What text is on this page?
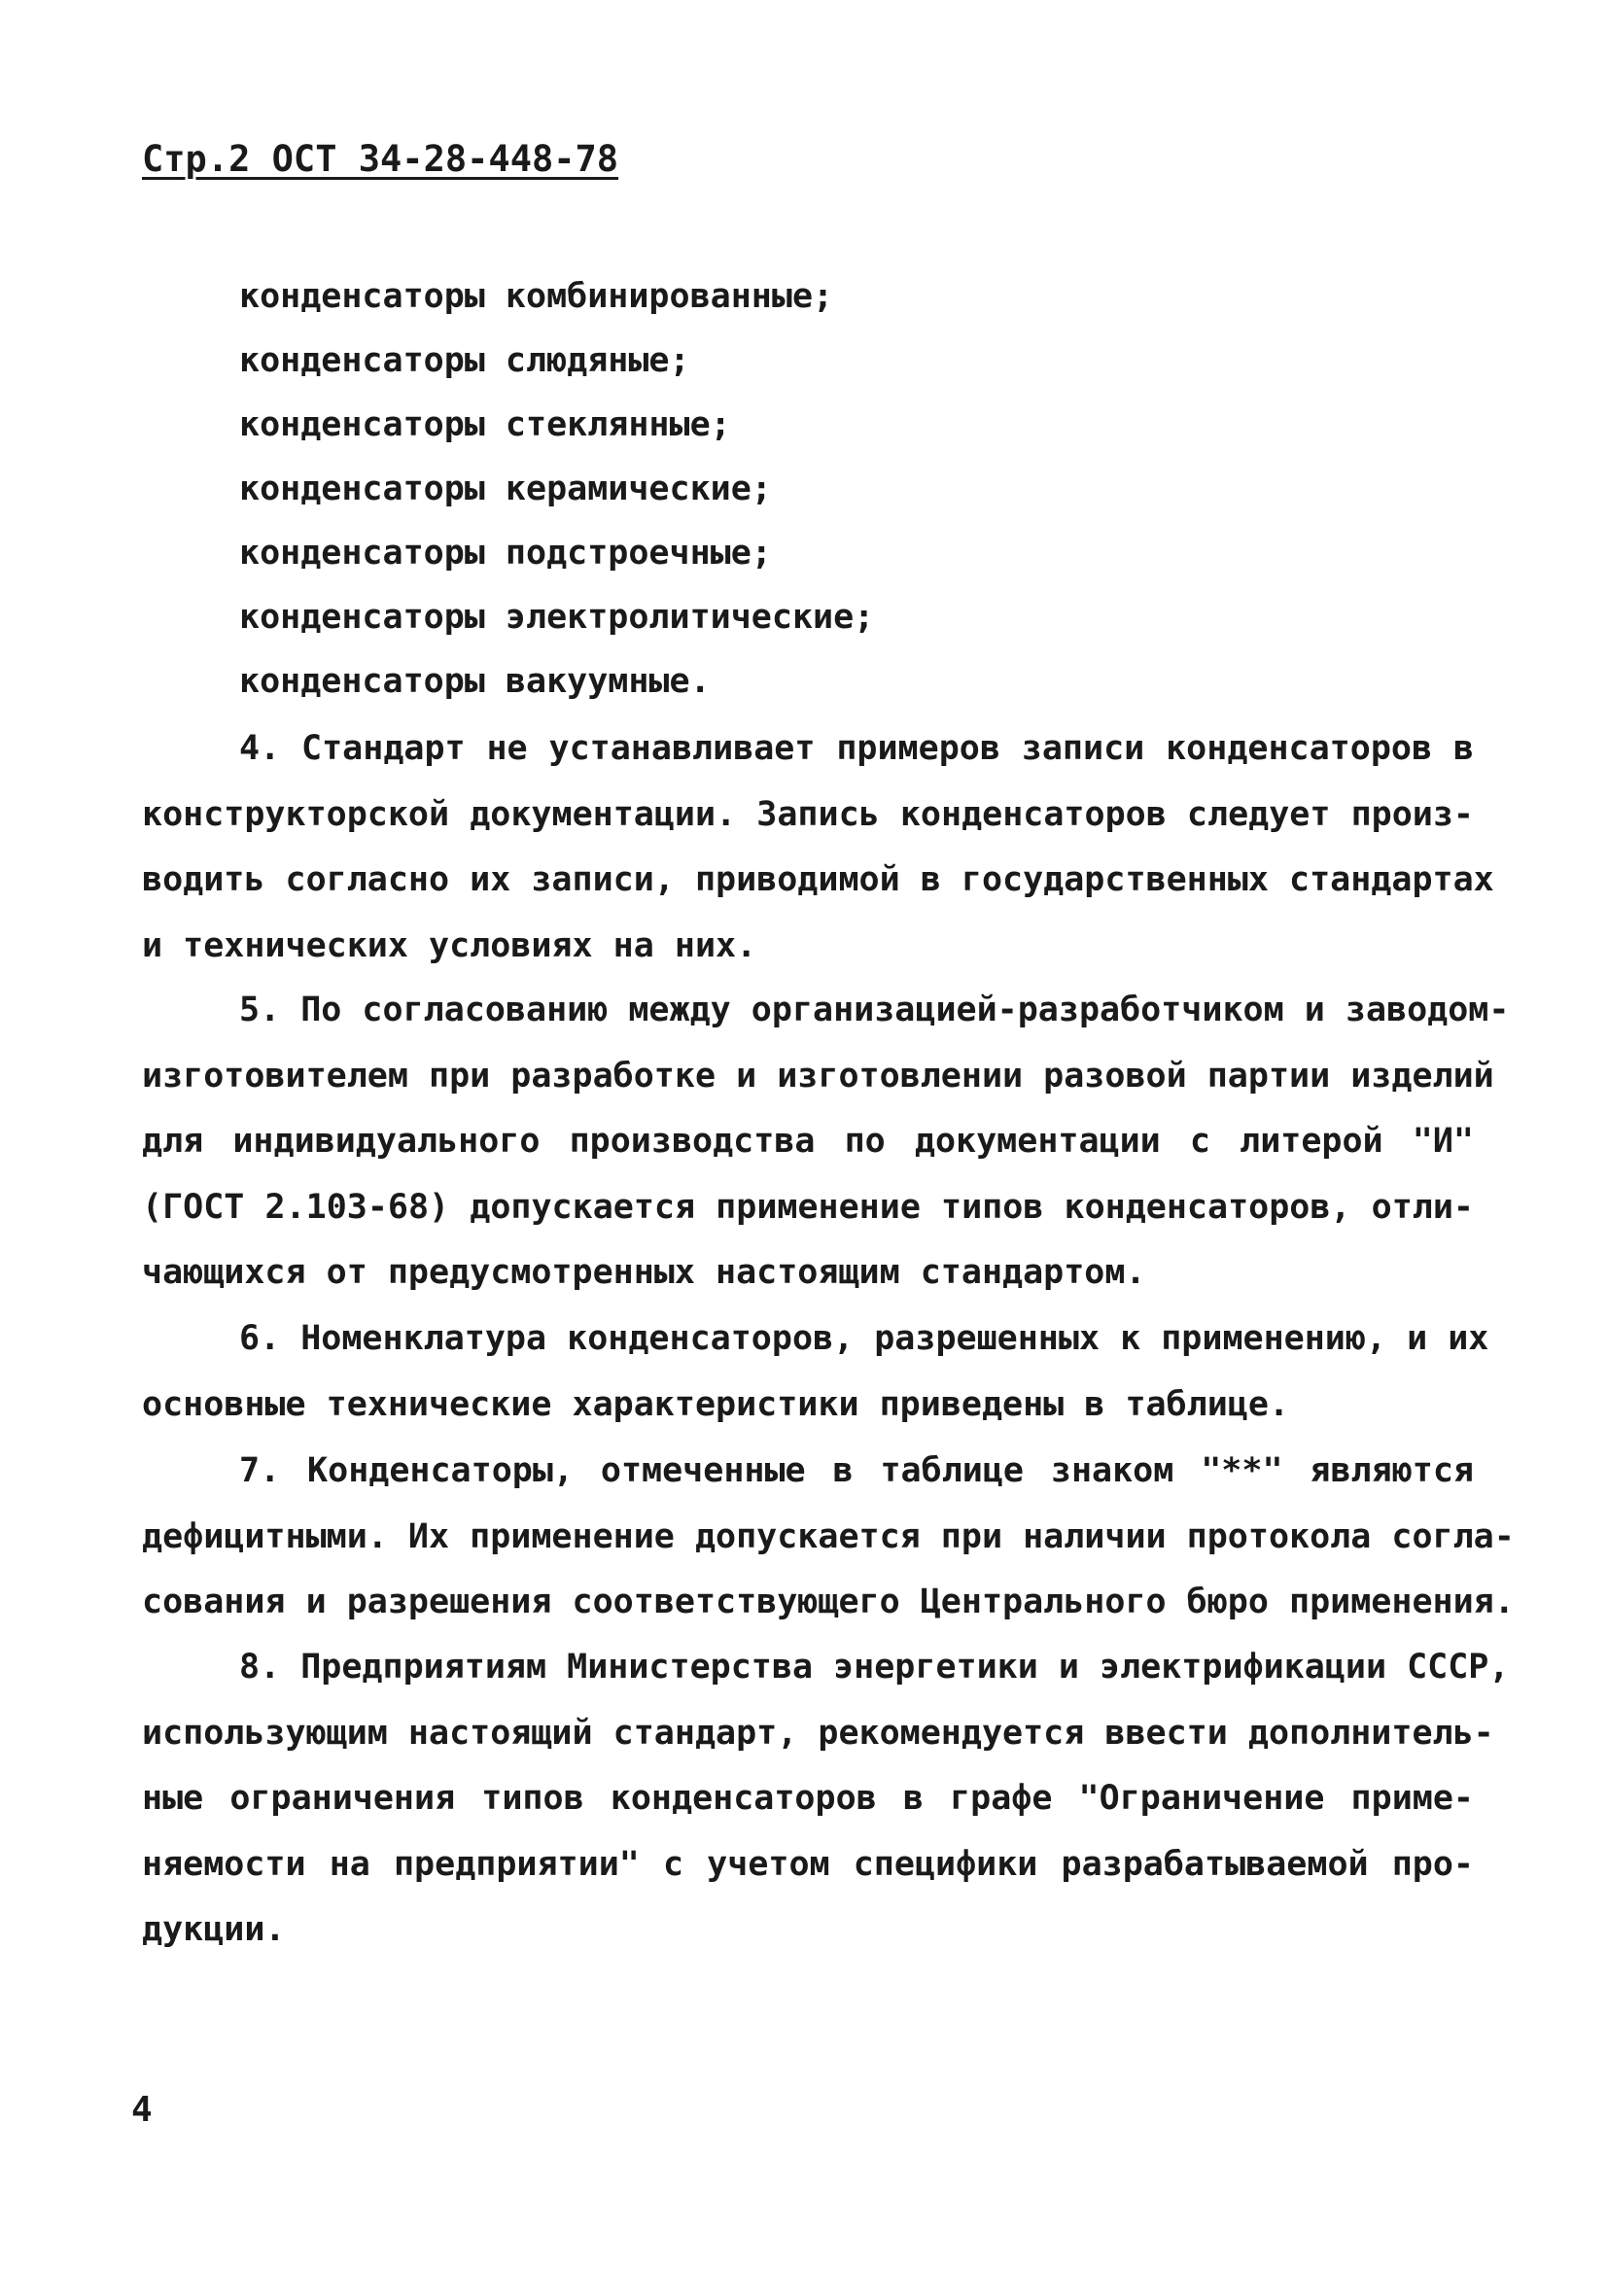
Стр.2 ОСТ 34-28-448-78
конденсаторы комбинированные;
конденсаторы слюдяные;
конденсаторы стеклянные;
конденсаторы керамические;
конденсаторы подстроечные;
конденсаторы электролитические;
конденсаторы вакуумные.

4. Стандарт не устанавливает примеров записи конденсаторов в
конструкторской документации. Запись конденсаторов следует произ-
водить согласно их записи, приводимой в государственных стандартах
и технических условиях на них.

5. По согласованию между организацией-разработчиком и заводом-
изготовителем при разработке и изготовлении разовой партии изделий
для индивидуального производства по документации с литерой "И"
(ГОСТ 2.103-68) допускается применение типов конденсаторов, отли-
чающихся от предусмотренных настоящим стандартом.

6. Номенклатура конденсаторов, разрешенных к применению, и их
основные технические характеристики приведены в таблице.

7. Конденсаторы, отмеченные в таблице знаком "**" являются
дефицитными. Их применение допускается при наличии протокола согла-
сования и разрешения соответствующего Центрального бюро применения.

8. Предприятиям Министерства энергетики и электрификации СССР,
использующим настоящий стандарт, рекомендуется ввести дополнитель-
ные ограничения типов конденсаторов в графе "Ограничение приме-
няемости на предприятии" с учетом специфики разрабатываемой про-
дукции.

4
